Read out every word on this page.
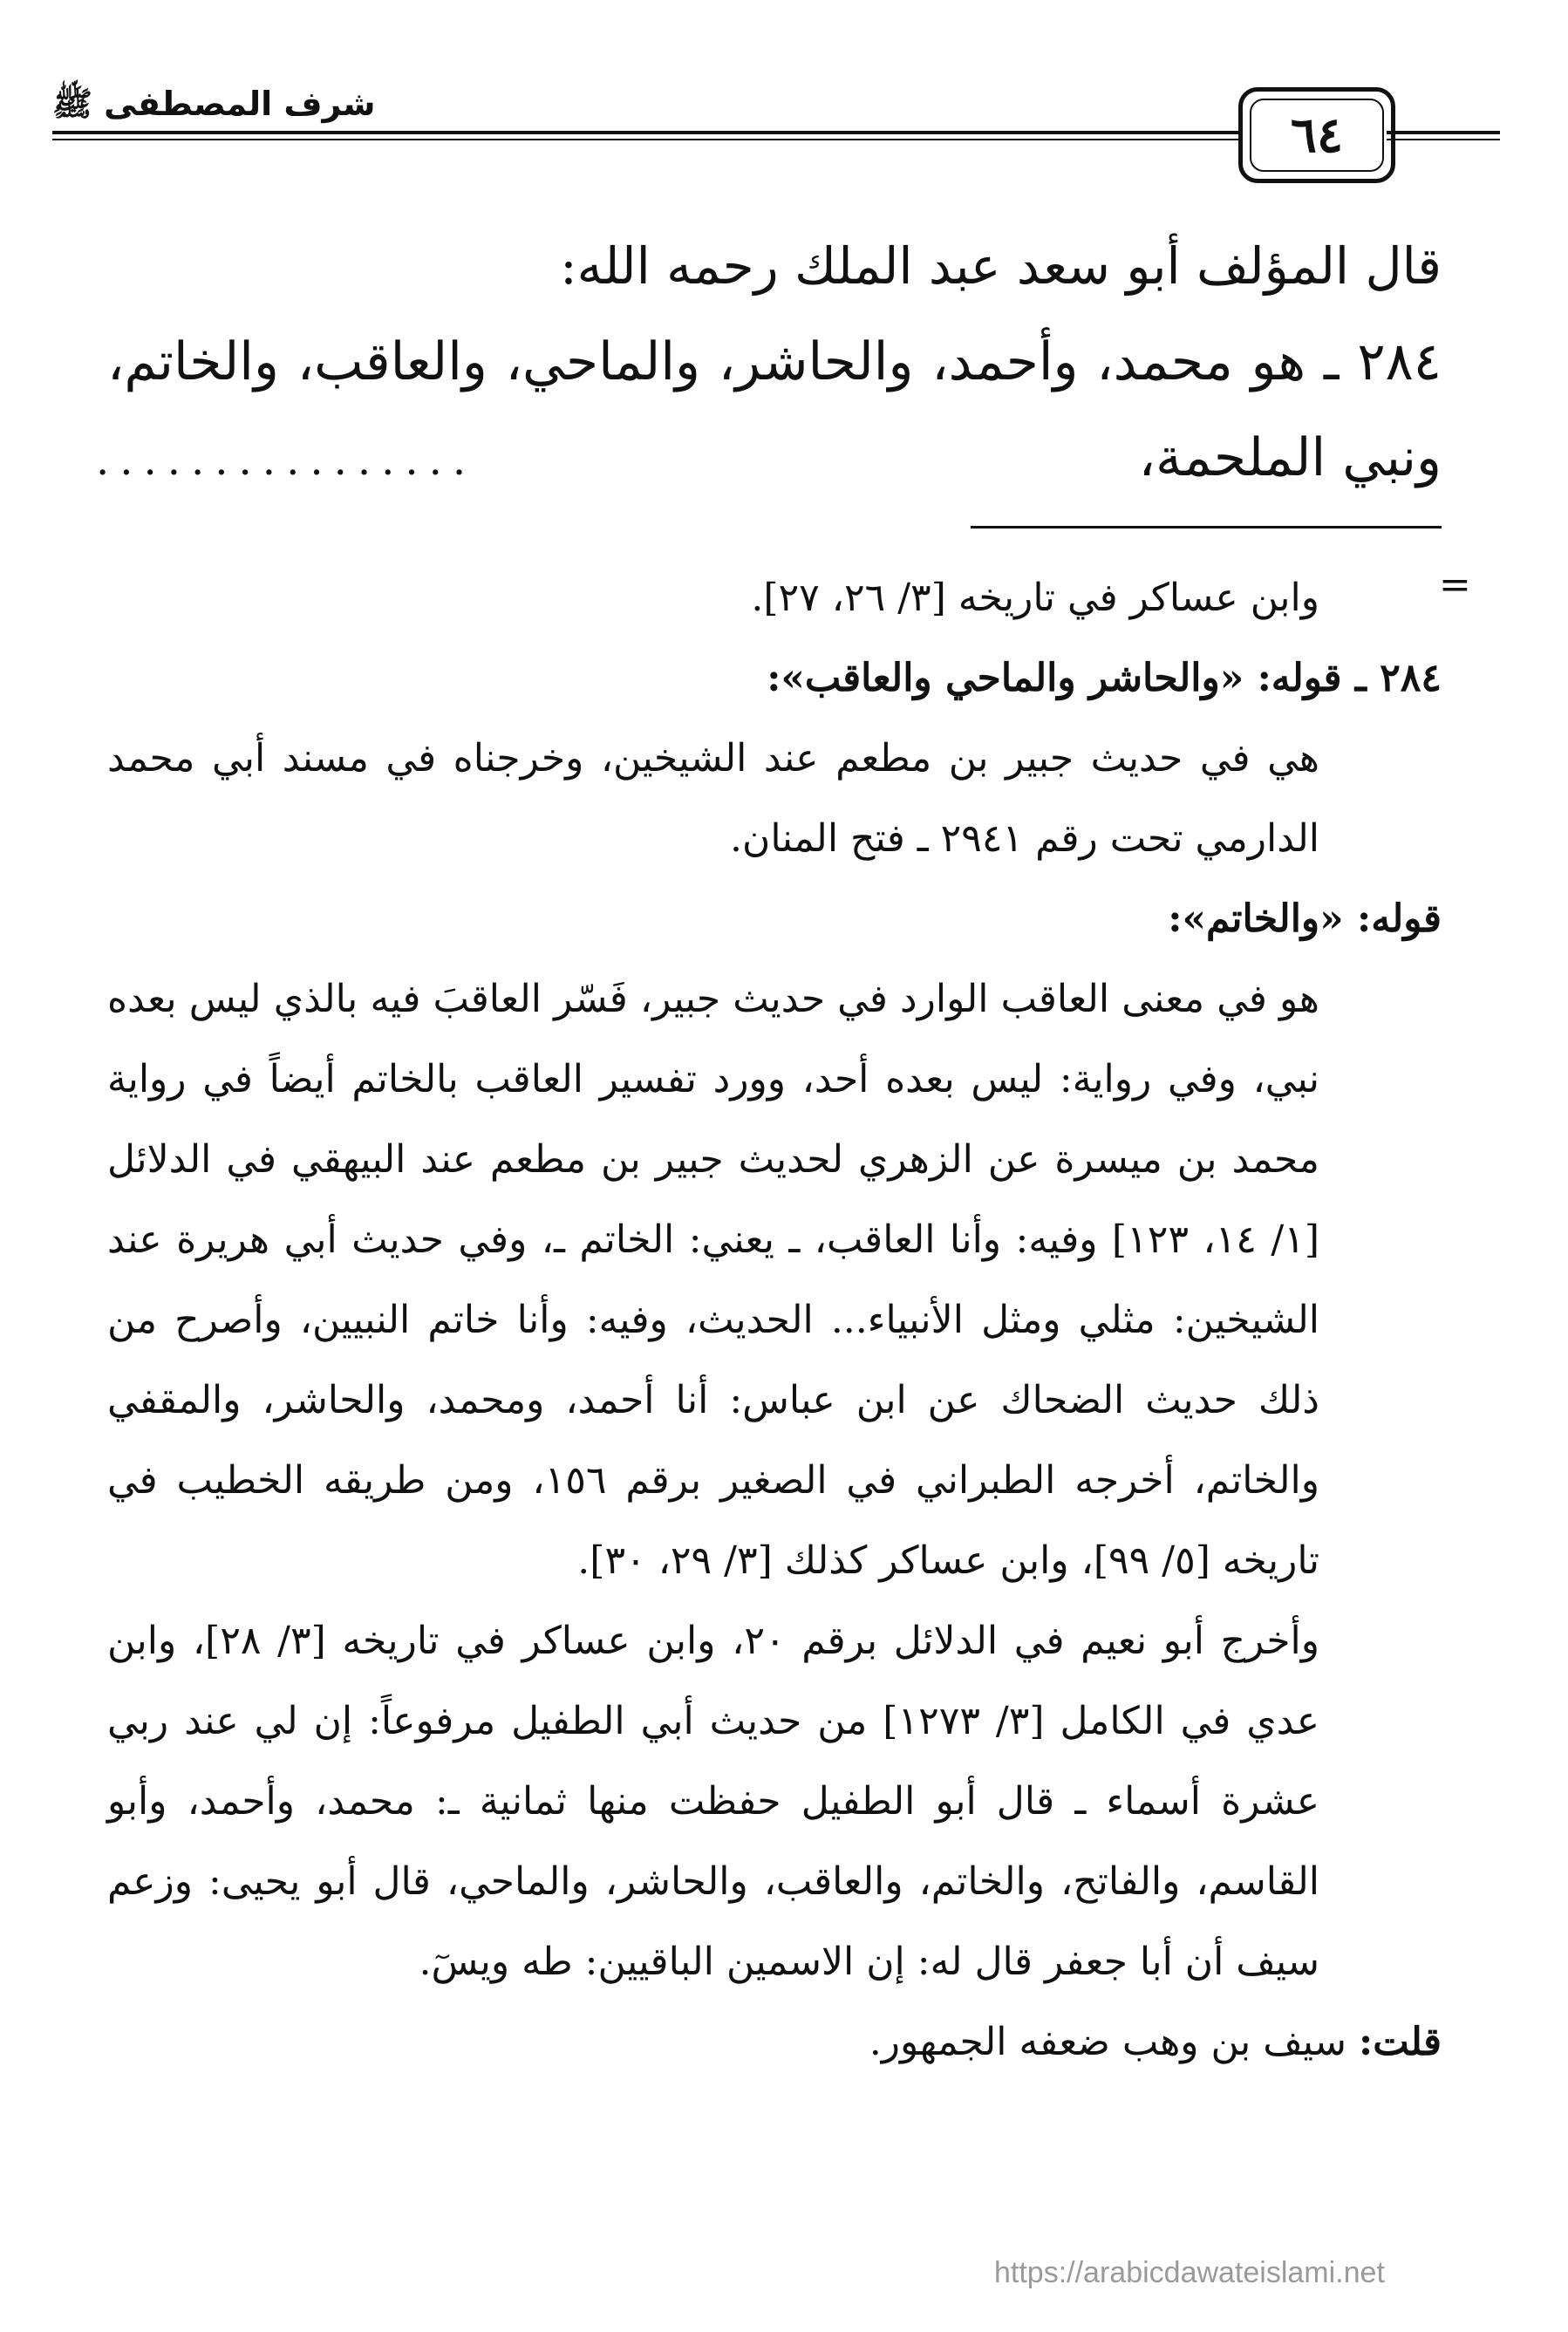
شرف المصطفى ﷺ
٦٤

قال المؤلف أبو سعد عبد الملك رحمه الله:

٢٨٤ ـ هو محمد، وأحمد، والحاشر، والماحي، والعاقب، والخاتم، ونبي الملحمة،

................
=

وابن عساكر في تاريخه [٣/ ٢٦، ٢٧].

٢٨٤ ـ قوله: «والحاشر والماحي والعاقب»:

هي في حديث جبير بن مطعم عند الشيخين، وخرجناه في مسند أبي محمد الدارمي تحت رقم ٢٩٤١ ـ فتح المنان.

قوله: «والخاتم»:

هو في معنى العاقب الوارد في حديث جبير، فَسّر العاقبَ فيه بالذي ليس بعده نبي، وفي رواية: ليس بعده أحد، وورد تفسير العاقب بالخاتم أيضاً في رواية محمد بن ميسرة عن الزهري لحديث جبير بن مطعم عند البيهقي في الدلائل [١/ ١٤، ١٢٣] وفيه: وأنا العاقب، ـ يعني: الخاتم ـ، وفي حديث أبي هريرة عند الشيخين: مثلي ومثل الأنبياء... الحديث، وفيه: وأنا خاتم النبيين، وأصرح من ذلك حديث الضحاك عن ابن عباس: أنا أحمد، ومحمد، والحاشر، والمقفي والخاتم، أخرجه الطبراني في الصغير برقم ١٥٦، ومن طريقه الخطيب في تاريخه [٥/ ٩٩]، وابن عساكر كذلك [٣/ ٢٩، ٣٠].

وأخرج أبو نعيم في الدلائل برقم ٢٠، وابن عساكر في تاريخه [٣/ ٢٨]، وابن عدي في الكامل [٣/ ١٢٧٣] من حديث أبي الطفيل مرفوعاً: إن لي عند ربي عشرة أسماء ـ قال أبو الطفيل حفظت منها ثمانية ـ: محمد، وأحمد، وأبو القاسم، والفاتح، والخاتم، والعاقب، والحاشر، والماحي، قال أبو يحيى: وزعم سيف أن أبا جعفر قال له: إن الاسمين الباقيين: طه ويسٓ.

قلت: سيف بن وهب ضعفه الجمهور.

https://arabicdawateislami.net
